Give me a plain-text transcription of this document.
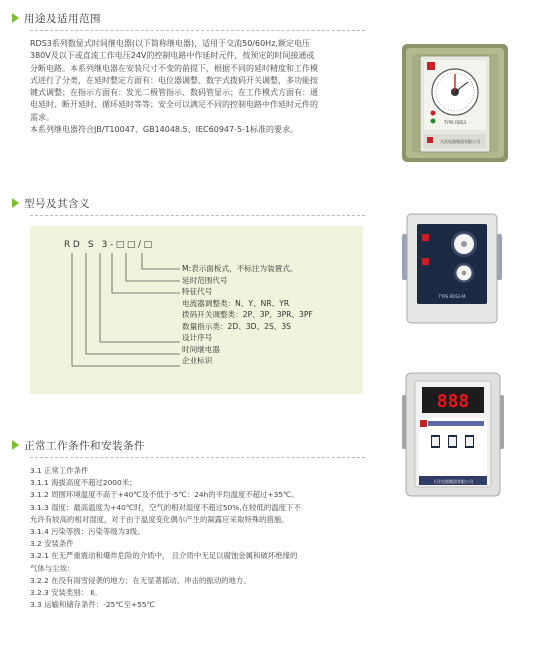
用途及适用范围
RDS3系列数显式时间继电器(以下简称继电器)，适用于交流50/60Hz,额定电压
380V及以下或直流工作电压24V的控制电路中作延时元件，按预定的时间接通或
分断电路。本系列继电器在安装尺寸不变的前提下，根据不同的延时精度和工作模
式进行了分类，在延时整定方面有：电位器调整、数字式拨码开关调整，多功能按
键式调整；在指示方面有：发光二极管指示、数码管显示；在工作模式方面有：通
电延时、断开延时、循环延时等等；安全可以满足不同的控制电路中作延时元件的
需求。
本系列继电器符合JB/T10047、GB14048.5、IEC60947-5-1标准的要求。
型号及其含义
RD S 3-□□/□
M:表示面板式，不标注为装置式。
延时范围代号
特征代号
电流器调整类：N、Y、NR、YR
拨码开关调整类：2P、3P、3PR、3PF
数量指示类：2D、3D、2S、3S
设计序号
时间继电器
企业标识
正常工作条件和安装条件
3.1 正常工作条件
3.1.1 海拔高度不超过2000米；
3.1.2 周围环境温度不高于+40℃及不低于-5℃：24h的平均温度不超过+35℃。
3.1.3 湿度：最高温度为+40℃时，空气的相对湿度不超过50%,在较低的温度下不
允许有较高的相对湿度，对于由于温度变化偶尔产生的凝露应采取特殊的措施。
3.1.4 污染等级：污染等级为3级。
3.2 安装条件
3.2.1 在无严重震动和爆炸危险的介质中， 且介质中无足以腐蚀金属和破坏绝缘的
气体与尘埃：
3.2.2 在没有雨雪侵袭的地方；在无显著摇动、冲击的振动的地方。
3.2.3 安装类别： Ⅱ。
3.3 运输和储存条件：-25℃至+55℃
TYPE RDS3
人民电器集团有限公司
TYPE RDS3-M
888
人民电器集团有限公司
